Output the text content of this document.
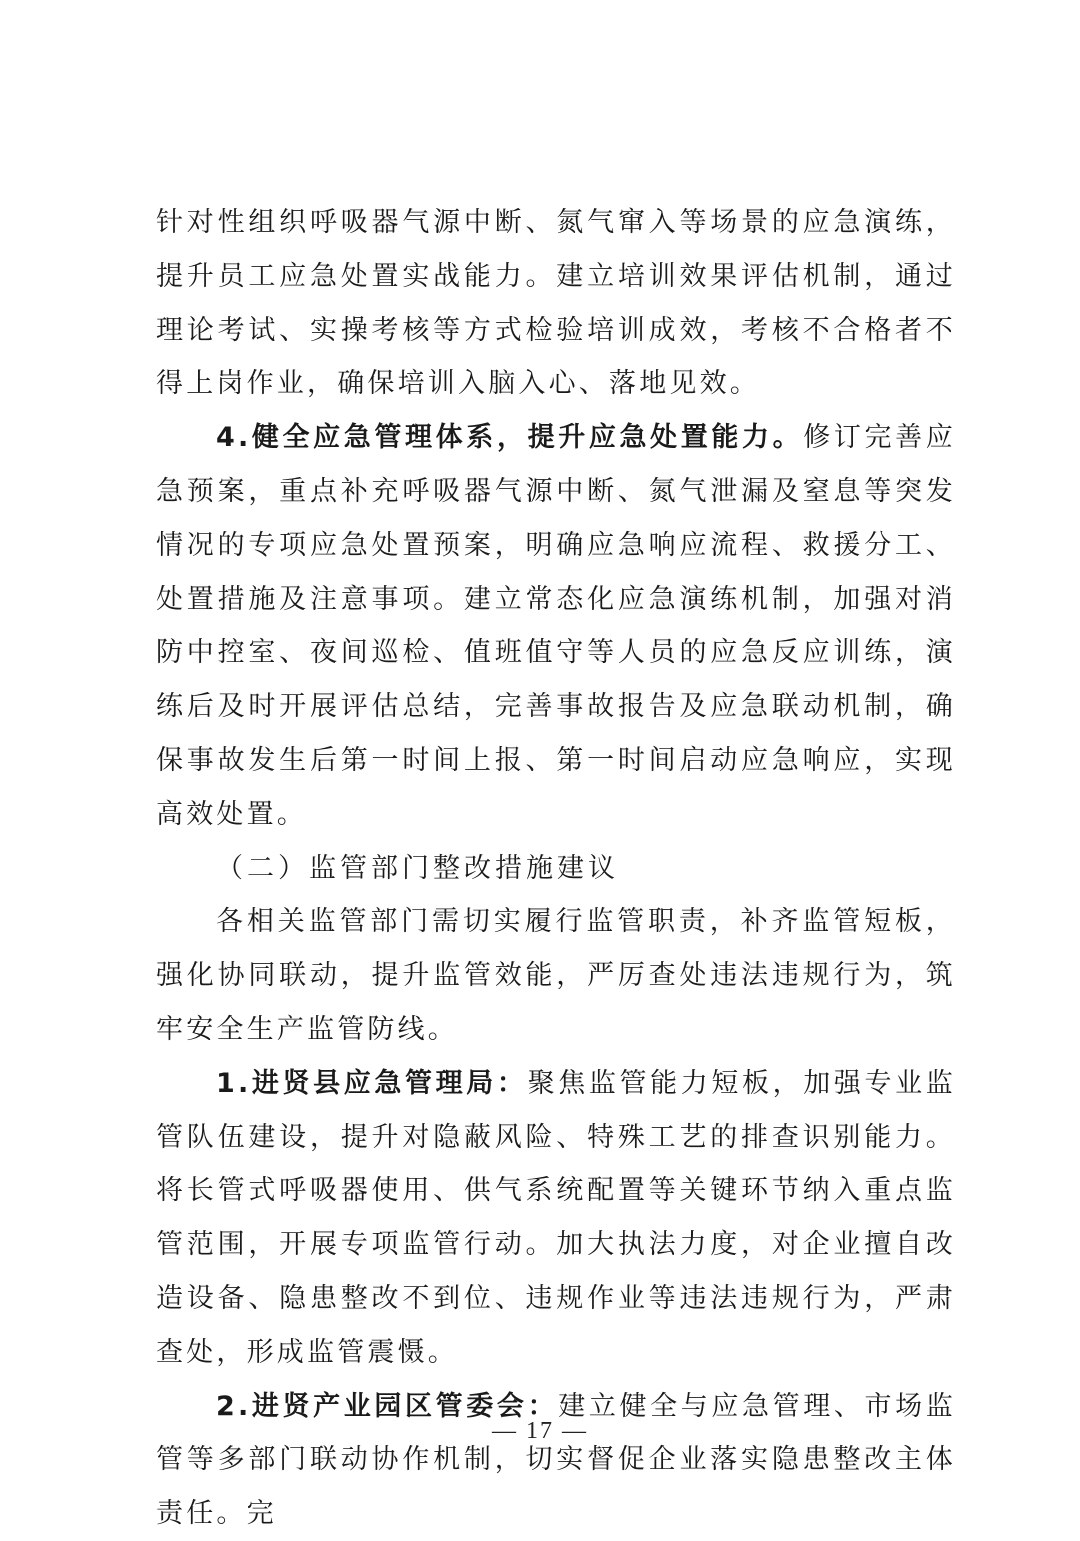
针对性组织呼吸器气源中断、氮气窜入等场景的应急演练，提升员工应急处置实战能力。建立培训效果评估机制，通过理论考试、实操考核等方式检验培训成效，考核不合格者不得上岗作业，确保培训入脑入心、落地见效。

4.健全应急管理体系，提升应急处置能力。修订完善应急预案，重点补充呼吸器气源中断、氮气泄漏及窒息等突发情况的专项应急处置预案，明确应急响应流程、救援分工、处置措施及注意事项。建立常态化应急演练机制，加强对消防中控室、夜间巡检、值班值守等人员的应急反应训练，演练后及时开展评估总结，完善事故报告及应急联动机制，确保事故发生后第一时间上报、第一时间启动应急响应，实现高效处置。

（二）监管部门整改措施建议

各相关监管部门需切实履行监管职责，补齐监管短板，强化协同联动，提升监管效能，严厉查处违法违规行为，筑牢安全生产监管防线。

1.进贤县应急管理局：聚焦监管能力短板，加强专业监管队伍建设，提升对隐蔽风险、特殊工艺的排查识别能力。将长管式呼吸器使用、供气系统配置等关键环节纳入重点监管范围，开展专项监管行动。加大执法力度，对企业擅自改造设备、隐患整改不到位、违规作业等违法违规行为，严肃查处，形成监管震慑。

2.进贤产业园区管委会：建立健全与应急管理、市场监管等多部门联动协作机制，切实督促企业落实隐患整改主体责任。完

— 17 —
